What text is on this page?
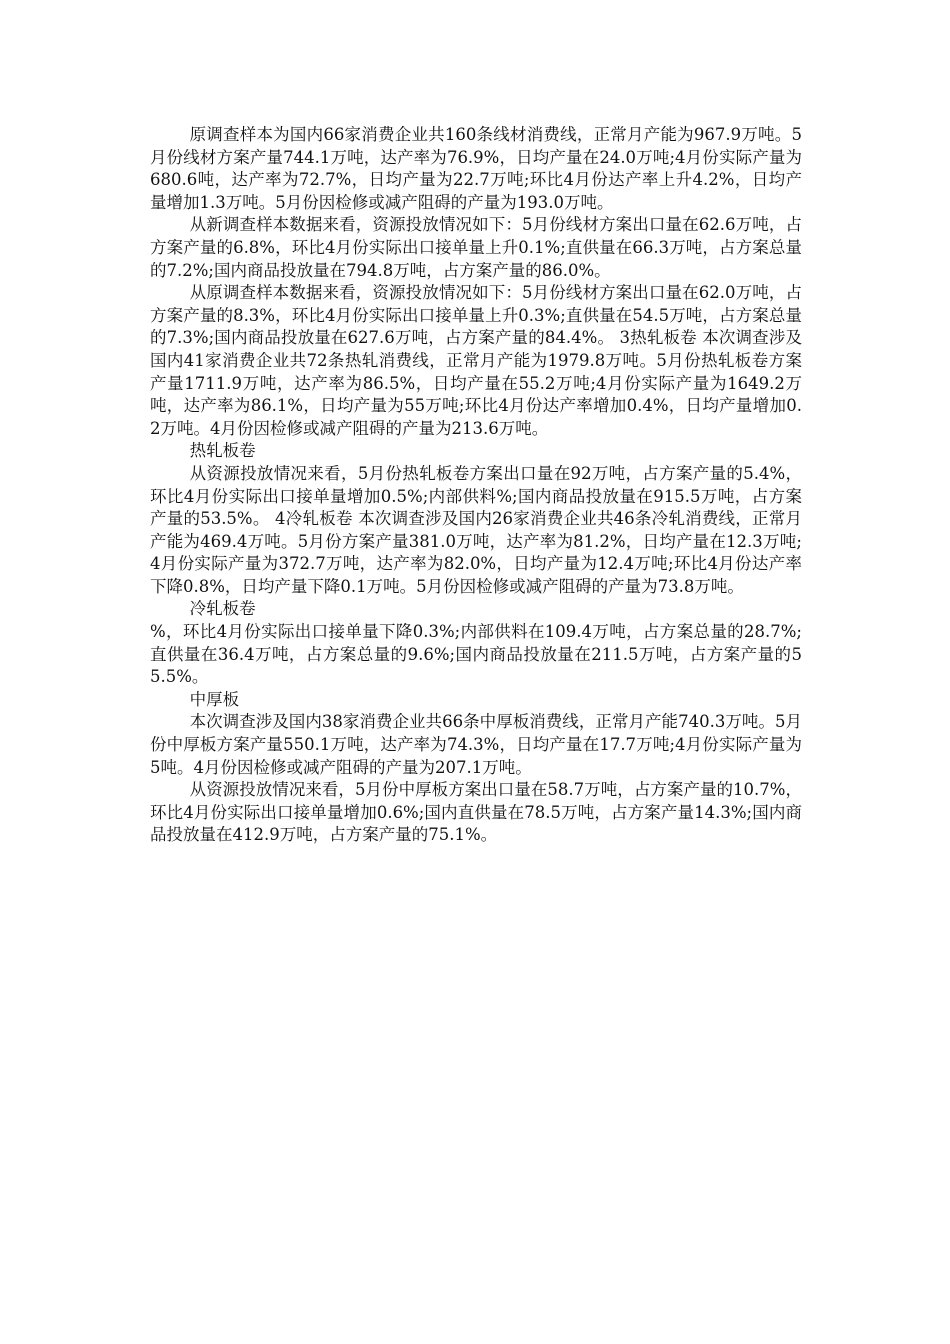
原调查样本为国内66家消费企业共160条线材消费线，正常月产能为967.9万吨。5月份线材方案产量744.1万吨，达产率为76.9%，日均产量在24.0万吨;4月份实际产量为680.6吨，达产率为72.7%，日均产量为22.7万吨;环比4月份达产率上升4.2%，日均产量增加1.3万吨。5月份因检修或减产阻碍的产量为193.0万吨。

从新调查样本数据来看，资源投放情况如下：5月份线材方案出口量在62.6万吨，占方案产量的6.8%，环比4月份实际出口接单量上升0.1%;直供量在66.3万吨，占方案总量的7.2%;国内商品投放量在794.8万吨，占方案产量的86.0%。

从原调查样本数据来看，资源投放情况如下：5月份线材方案出口量在62.0万吨，占方案产量的8.3%，环比4月份实际出口接单量上升0.3%;直供量在54.5万吨，占方案总量的7.3%;国内商品投放量在627.6万吨，占方案产量的84.4%。 3热轧板卷 本次调查涉及国内41家消费企业共72条热轧消费线，正常月产能为1979.8万吨。5月份热轧板卷方案产量1711.9万吨，达产率为86.5%，日均产量在55.2万吨;4月份实际产量为1649.2万吨，达产率为86.1%，日均产量为55万吨;环比4月份达产率增加0.4%，日均产量增加0.2万吨。4月份因检修或减产阻碍的产量为213.6万吨。

热轧板卷

从资源投放情况来看，5月份热轧板卷方案出口量在92万吨，占方案产量的5.4%，环比4月份实际出口接单量增加0.5%;内部供料%;国内商品投放量在915.5万吨，占方案产量的53.5%。 4冷轧板卷 本次调查涉及国内26家消费企业共46条冷轧消费线，正常月产能为469.4万吨。5月份方案产量381.0万吨，达产率为81.2%，日均产量在12.3万吨;4月份实际产量为372.7万吨，达产率为82.0%，日均产量为12.4万吨;环比4月份达产率下降0.8%，日均产量下降0.1万吨。5月份因检修或减产阻碍的产量为73.8万吨。

冷轧板卷

%，环比4月份实际出口接单量下降0.3%;内部供料在109.4万吨，占方案总量的28.7%;直供量在36.4万吨，占方案总量的9.6%;国内商品投放量在211.5万吨，占方案产量的55.5%。

中厚板

本次调查涉及国内38家消费企业共66条中厚板消费线，正常月产能740.3万吨。5月份中厚板方案产量550.1万吨，达产率为74.3%，日均产量在17.7万吨;4月份实际产量为5吨。4月份因检修或减产阻碍的产量为207.1万吨。

从资源投放情况来看，5月份中厚板方案出口量在58.7万吨，占方案产量的10.7%，环比4月份实际出口接单量增加0.6%;国内直供量在78.5万吨，占方案产量14.3%;国内商品投放量在412.9万吨，占方案产量的75.1%。
